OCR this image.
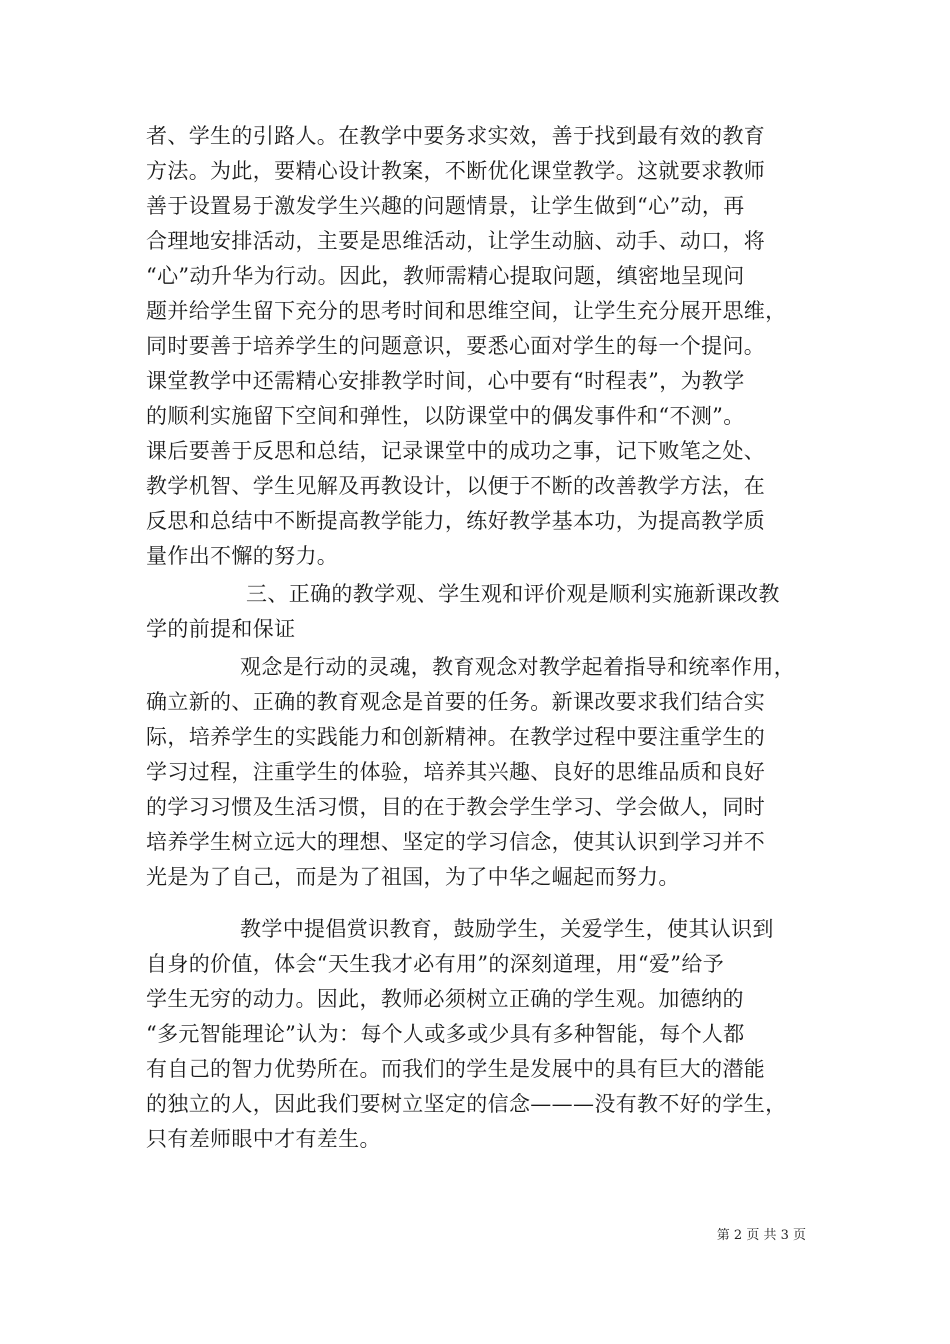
者、学生的引路人。在教学中要务求实效，善于找到最有效的教育
方法。为此，要精心设计教案，不断优化课堂教学。这就要求教师
善于设置易于激发学生兴趣的问题情景，让学生做到“心”动，再
合理地安排活动，主要是思维活动，让学生动脑、动手、动口，将
“心”动升华为行动。因此，教师需精心提取问题，缜密地呈现问
题并给学生留下充分的思考时间和思维空间，让学生充分展开思维，
同时要善于培养学生的问题意识，要悉心面对学生的每一个提问。
课堂教学中还需精心安排教学时间，心中要有“时程表”，为教学
的顺利实施留下空间和弹性，以防课堂中的偶发事件和“不测”。
课后要善于反思和总结，记录课堂中的成功之事，记下败笔之处、
教学机智、学生见解及再教设计，以便于不断的改善教学方法，在
反思和总结中不断提高教学能力，练好教学基本功，为提高教学质
量作出不懈的努力。
三、正确的教学观、学生观和评价观是顺利实施新课改教
学的前提和保证
观念是行动的灵魂，教育观念对教学起着指导和统率作用，
确立新的、正确的教育观念是首要的任务。新课改要求我们结合实
际，培养学生的实践能力和创新精神。在教学过程中要注重学生的
学习过程，注重学生的体验，培养其兴趣、良好的思维品质和良好
的学习习惯及生活习惯，目的在于教会学生学习、学会做人，同时
培养学生树立远大的理想、坚定的学习信念，使其认识到学习并不
光是为了自己，而是为了祖国，为了中华之崛起而努力。
教学中提倡赏识教育，鼓励学生，关爱学生，使其认识到
自身的价值，体会“天生我才必有用”的深刻道理，用“爱”给予
学生无穷的动力。因此，教师必须树立正确的学生观。加德纳的
“多元智能理论”认为：每个人或多或少具有多种智能，每个人都
有自己的智力优势所在。而我们的学生是发展中的具有巨大的潜能
的独立的人，因此我们要树立坚定的信念———没有教不好的学生，
只有差师眼中才有差生。
第 2 页 共 3 页
